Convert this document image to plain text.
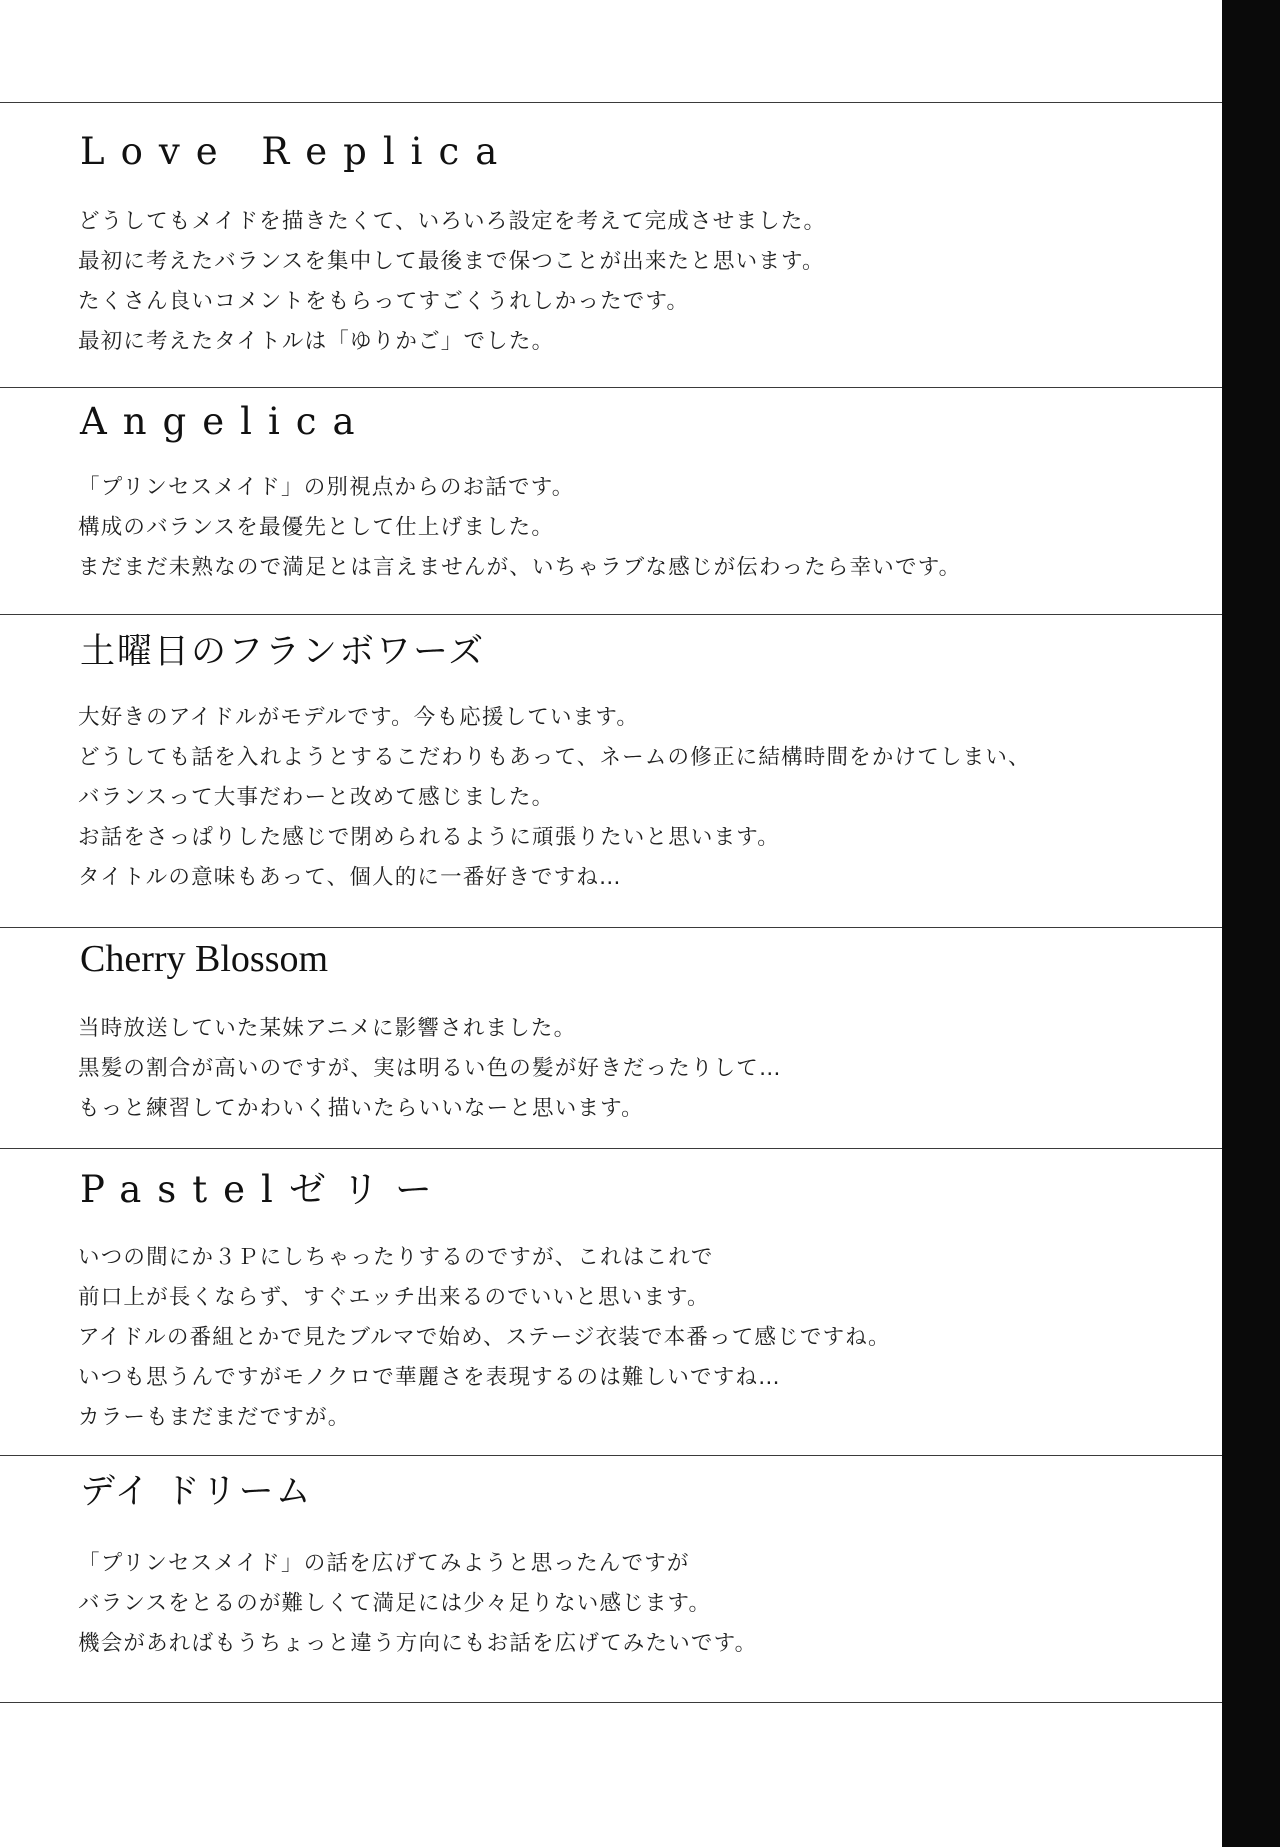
Love Replica
どうしてもメイドを描きたくて、いろいろ設定を考えて完成させました。
最初に考えたバランスを集中して最後まで保つことが出来たと思います。
たくさん良いコメントをもらってすごくうれしかったです。
最初に考えたタイトルは「ゆりかご」でした。
Angelica
「プリンセスメイド」の別視点からのお話です。
構成のバランスを最優先として仕上げました。
まだまだ未熟なので満足とは言えませんが、いちゃラブな感じが伝わったら幸いです。
土曜日のフランボワーズ
大好きのアイドルがモデルです。今も応援しています。
どうしても話を入れようとするこだわりもあって、ネームの修正に結構時間をかけてしまい、
バランスって大事だわーと改めて感じました。
お話をさっぱりした感じで閉められるように頑張りたいと思います。
タイトルの意味もあって、個人的に一番好きですね…
Cherry Blossom
当時放送していた某妹アニメに影響されました。
黒髪の割合が高いのですが、実は明るい色の髪が好きだったりして…
もっと練習してかわいく描いたらいいなーと思います。
Pastelゼリー
いつの間にか３Ｐにしちゃったりするのですが、これはこれで
前口上が長くならず、すぐエッチ出来るのでいいと思います。
アイドルの番組とかで見たブルマで始め、ステージ衣装で本番って感じですね。
いつも思うんですがモノクロで華麗さを表現するのは難しいですね…
カラーもまだまだですが。
デイ ドリーム
「プリンセスメイド」の話を広げてみようと思ったんですが
バランスをとるのが難しくて満足には少々足りない感じます。
機会があればもうちょっと違う方向にもお話を広げてみたいです。
